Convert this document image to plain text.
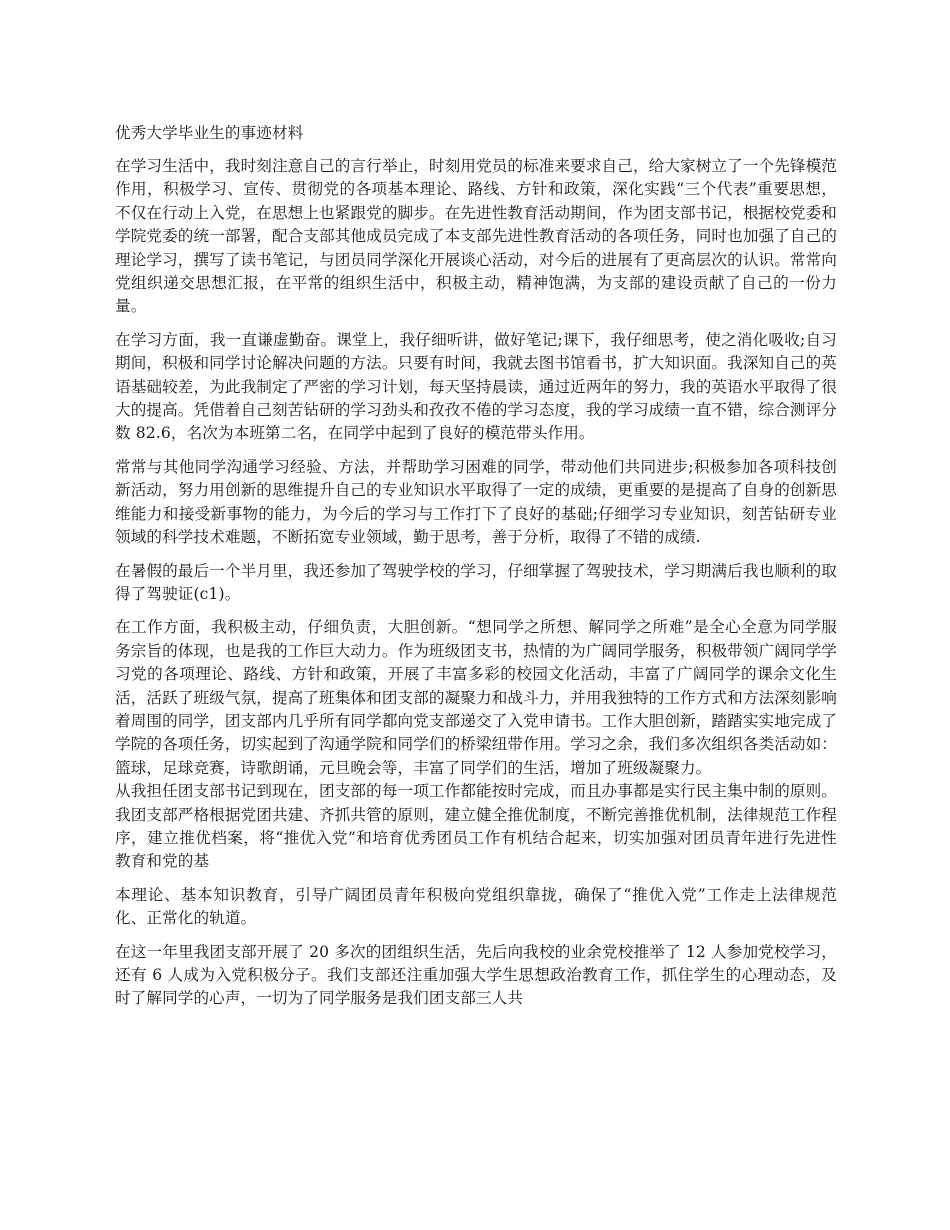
优秀大学毕业生的事迹材料

在学习生活中，我时刻注意自己的言行举止，时刻用党员的标准来要求自己，给大家树立了一个先锋模范作用，积极学习、宣传、贯彻党的各项基本理论、路线、方针和政策，深化实践“三个代表”重要思想，不仅在行动上入党，在思想上也紧跟党的脚步。在先进性教育活动期间，作为团支部书记，根据校党委和学院党委的统一部署，配合支部其他成员完成了本支部先进性教育活动的各项任务，同时也加强了自己的理论学习，撰写了读书笔记，与团员同学深化开展谈心活动，对今后的进展有了更高层次的认识。常常向党组织递交思想汇报，在平常的组织生活中，积极主动，精神饱满，为支部的建设贡献了自己的一份力量。

在学习方面，我一直谦虚勤奋。课堂上，我仔细听讲，做好笔记;课下，我仔细思考，使之消化吸收;自习期间，积极和同学讨论解决问题的方法。只要有时间，我就去图书馆看书，扩大知识面。我深知自己的英语基础较差，为此我制定了严密的学习计划，每天坚持晨读，通过近两年的努力，我的英语水平取得了很大的提高。凭借着自己刻苦钻研的学习劲头和孜孜不倦的学习态度，我的学习成绩一直不错，综合测评分数 82.6，名次为本班第二名，在同学中起到了良好的模范带头作用。

常常与其他同学沟通学习经验、方法，并帮助学习困难的同学，带动他们共同进步;积极参加各项科技创新活动，努力用创新的思维提升自己的专业知识水平取得了一定的成绩，更重要的是提高了自身的创新思维能力和接受新事物的能力，为今后的学习与工作打下了良好的基础;仔细学习专业知识，刻苦钻研专业领域的科学技术难题，不断拓宽专业领域，勤于思考，善于分析，取得了不错的成绩.

在暑假的最后一个半月里，我还参加了驾驶学校的学习，仔细掌握了驾驶技术，学习期满后我也顺利的取得了驾驶证(c1)。

在工作方面，我积极主动，仔细负责，大胆创新。“想同学之所想、解同学之所难”是全心全意为同学服务宗旨的体现，也是我的工作巨大动力。作为班级团支书，热情的为广阔同学服务，积极带领广阔同学学习党的各项理论、路线、方针和政策，开展了丰富多彩的校园文化活动，丰富了广阔同学的课余文化生活，活跃了班级气氛，提高了班集体和团支部的凝聚力和战斗力，并用我独特的工作方式和方法深刻影响着周围的同学，团支部内几乎所有同学都向党支部递交了入党申请书。工作大胆创新，踏踏实实地完成了学院的各项任务，切实起到了沟通学院和同学们的桥梁纽带作用。学习之余，我们多次组织各类活动如：篮球，足球竞赛，诗歌朗诵，元旦晚会等，丰富了同学们的生活，增加了班级凝聚力。

从我担任团支部书记到现在，团支部的每一项工作都能按时完成，而且办事都是实行民主集中制的原则。我团支部严格根据党团共建、齐抓共管的原则，建立健全推优制度，不断完善推优机制，法律规范工作程序，建立推优档案，将“推优入党”和培育优秀团员工作有机结合起来，切实加强对团员青年进行先进性教育和党的基

本理论、基本知识教育，引导广阔团员青年积极向党组织靠拢，确保了“推优入党”工作走上法律规范化、正常化的轨道。

在这一年里我团支部开展了 20 多次的团组织生活，先后向我校的业余党校推举了 12 人参加党校学习，还有 6 人成为入党积极分子。我们支部还注重加强大学生思想政治教育工作，抓住学生的心理动态，及时了解同学的心声，一切为了同学服务是我们团支部三人共
